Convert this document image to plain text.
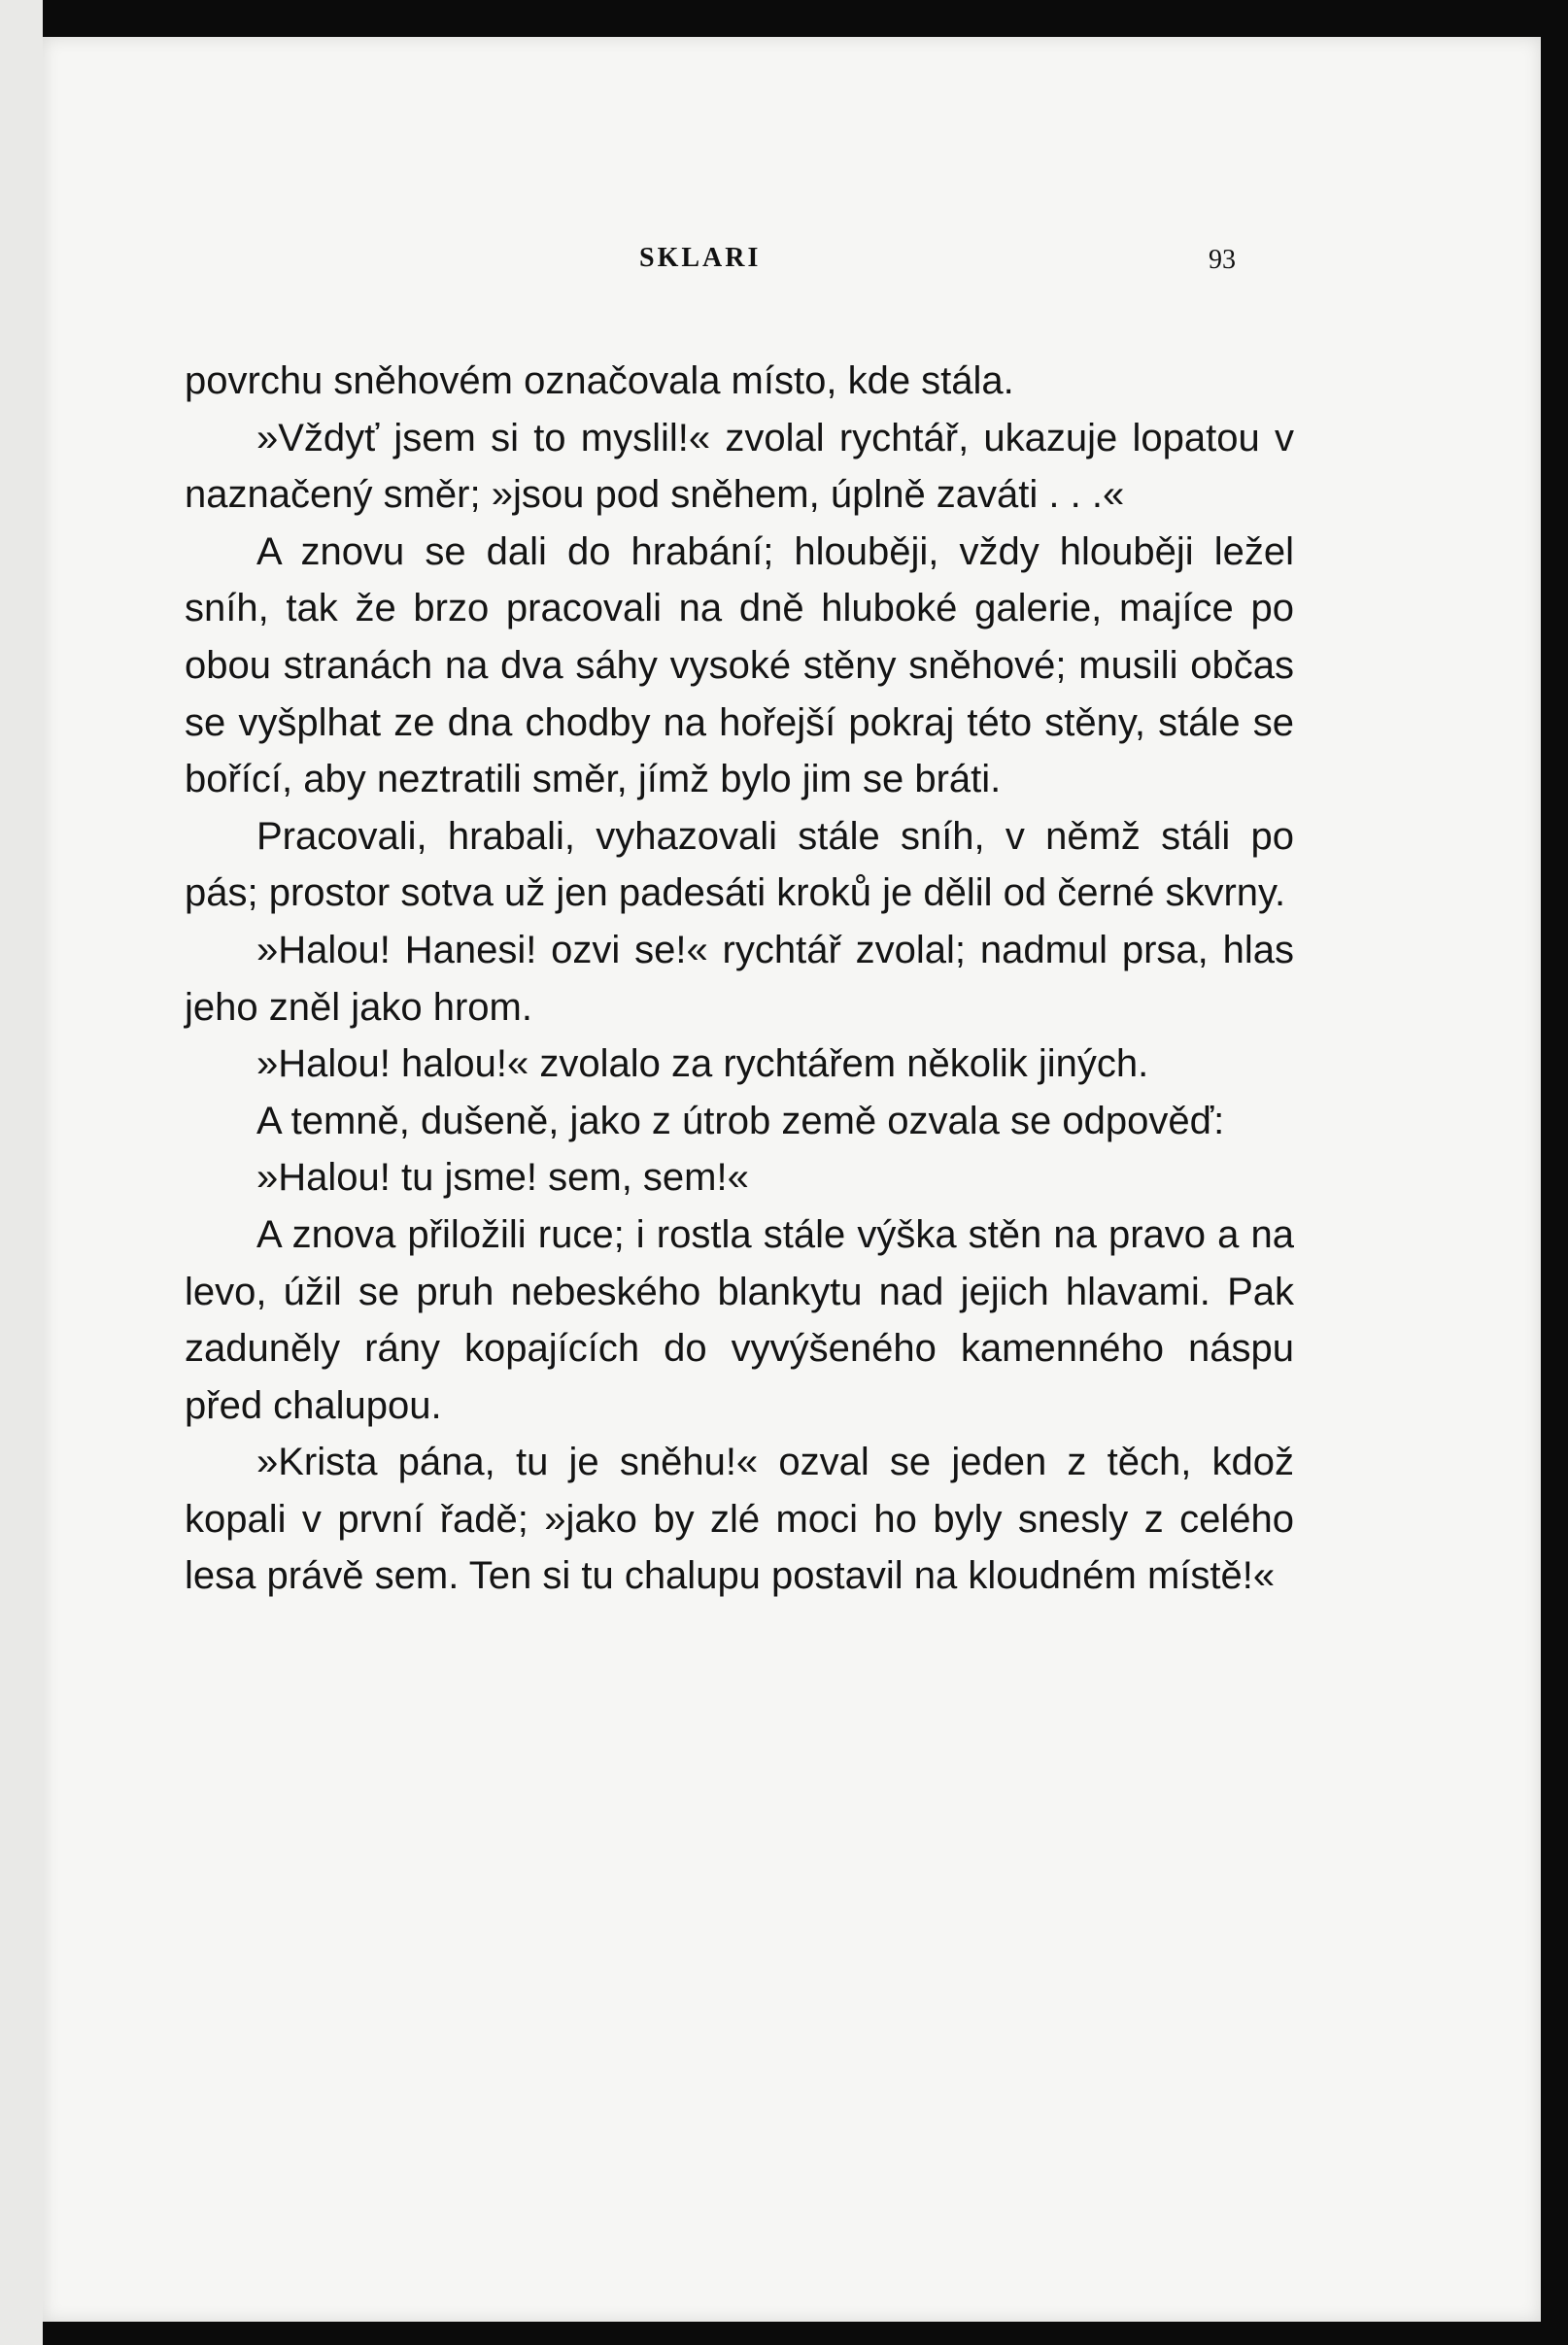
SKLARI	93

povrchu sněhovém označovala místo, kde stála.

»Vždyť jsem si to myslil!« zvolal rychtář, ukazuje lopatou v naznačený směr; »jsou pod sněhem, úplně zaváti . . .«

A znovu se dali do hrabání; hlouběji, vždy hlouběji ležel sníh, tak že brzo pracovali na dně hluboké galerie, majíce po obou stranách na dva sáhy vysoké stěny sněhové; musili občas se vyšplhat ze dna chodby na hořejší pokraj této stěny, stále se bořící, aby neztratili směr, jímž bylo jim se bráti.

Pracovali, hrabali, vyhazovali stále sníh, v němž stáli po pás; prostor sotva už jen padesáti kroků je dělil od černé skvrny.

»Halou! Hanesi! ozvi se!« rychtář zvolal; nadmul prsa, hlas jeho zněl jako hrom.

»Halou! halou!« zvolalo za rychtářem několik jiných.

A temně, dušeně, jako z útrob země ozvala se odpověď:

»Halou! tu jsme! sem, sem!«

A znova přiložili ruce; i rostla stále výška stěn na pravo a na levo, úžil se pruh nebeského blankytu nad jejich hlavami. Pak zaduněly rány kopajících do vyvýšeného kamenného náspu před chalupou.

»Krista pána, tu je sněhu!« ozval se jeden z těch, kdož kopali v první řadě; »jako by zlé moci ho byly snesly z celého lesa právě sem. Ten si tu chalupu postavil na kloudném místě!«
